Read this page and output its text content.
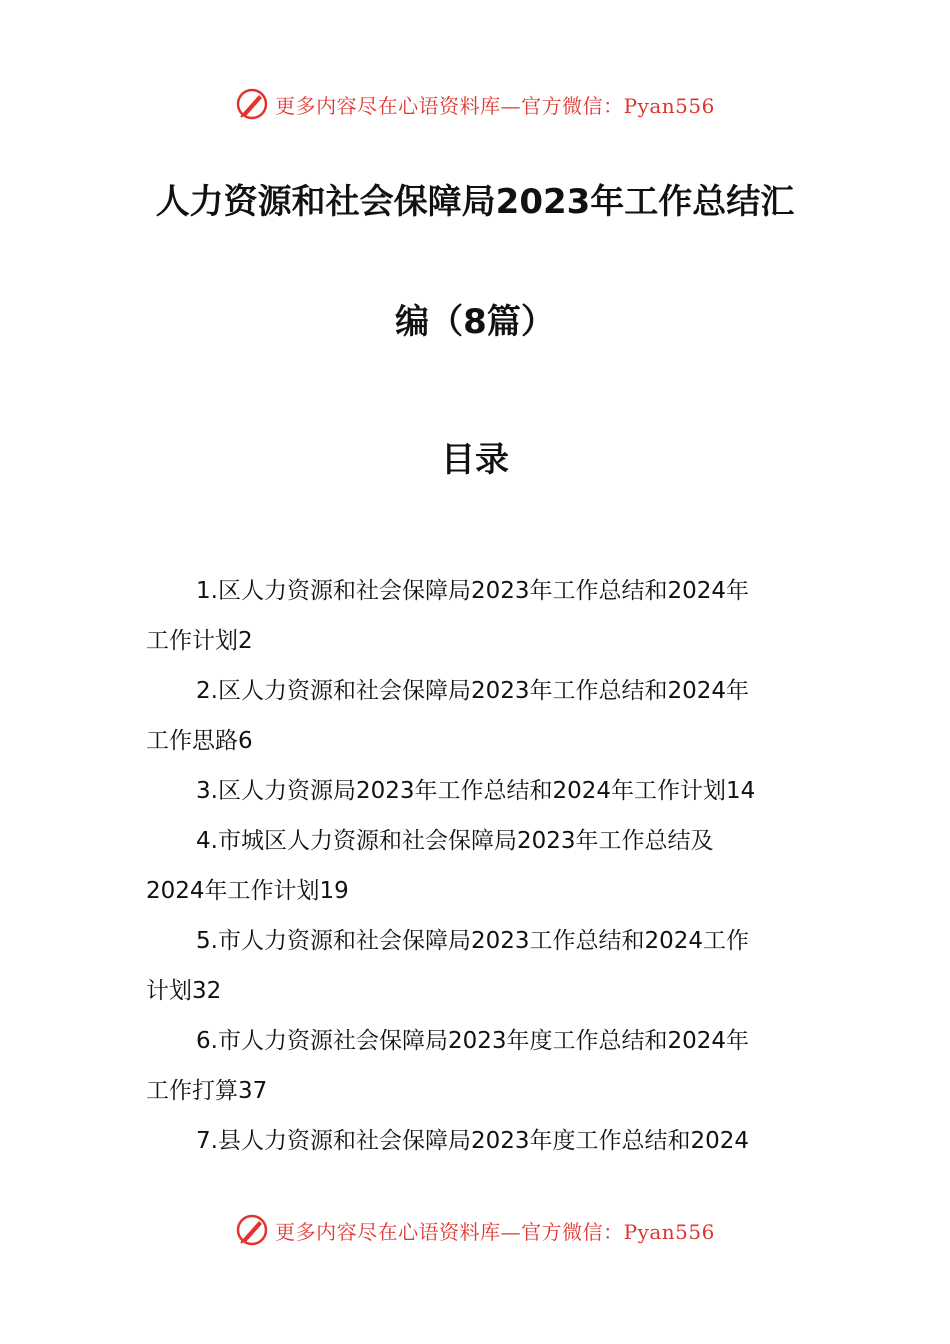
更多内容尽在心语资料库—官方微信：Pyan556
人力资源和社会保障局2023年工作总结汇
编（8篇）
目录
1.区人力资源和社会保障局2023年工作总结和2024年
工作计划2
2.区人力资源和社会保障局2023年工作总结和2024年
工作思路6
3.区人力资源局2023年工作总结和2024年工作计划14
4.市城区人力资源和社会保障局2023年工作总结及
2024年工作计划19
5.市人力资源和社会保障局2023工作总结和2024工作
计划32
6.市人力资源社会保障局2023年度工作总结和2024年
工作打算37
7.县人力资源和社会保障局2023年度工作总结和2024
更多内容尽在心语资料库—官方微信：Pyan556
